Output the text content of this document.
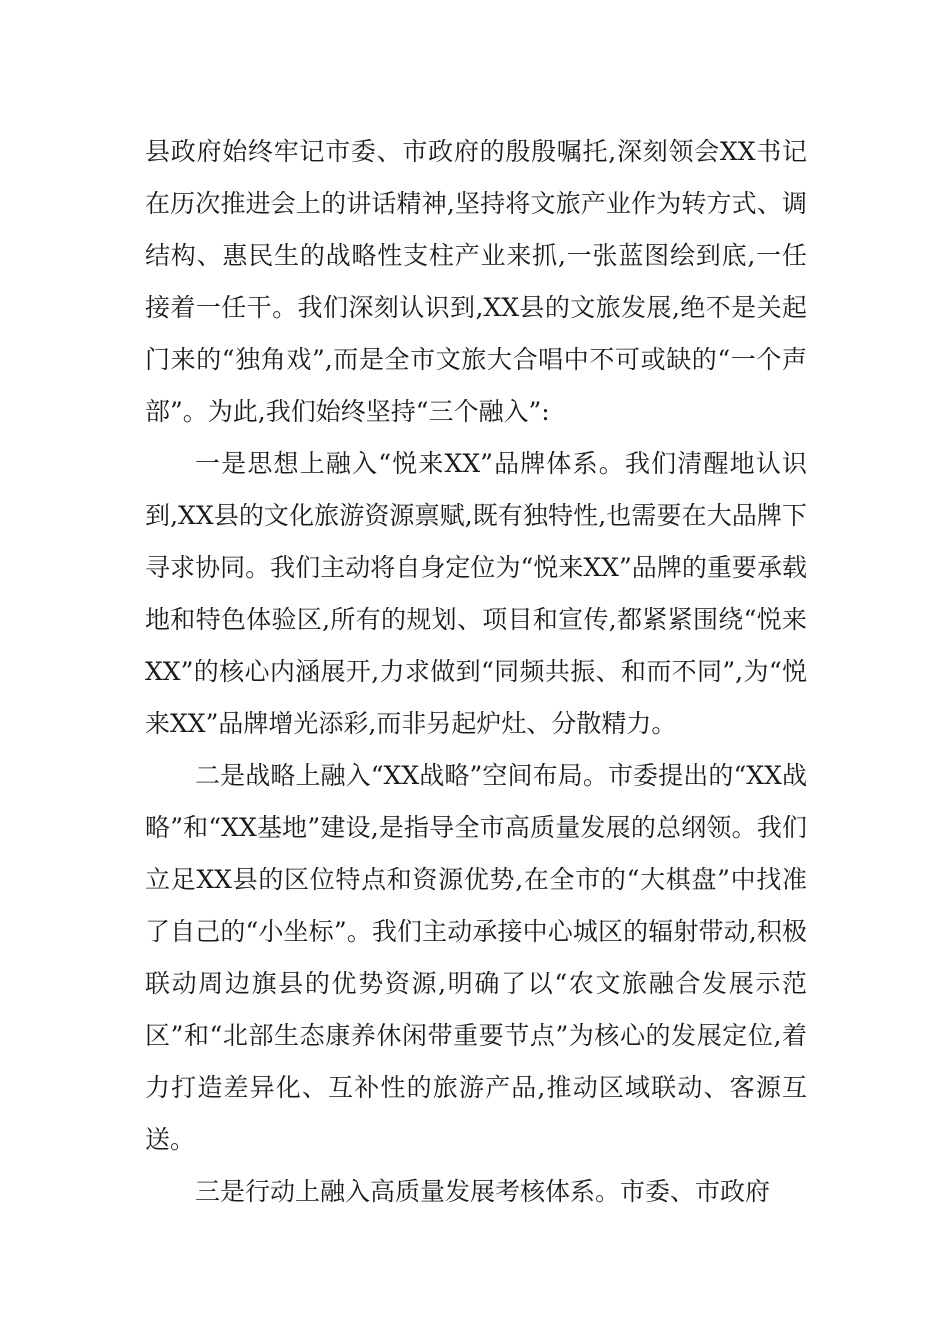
县政府始终牢记市委、市政府的殷殷嘱托,深刻领会XX书记在历次推进会上的讲话精神,坚持将文旅产业作为转方式、调结构、惠民生的战略性支柱产业来抓,一张蓝图绘到底,一任接着一任干。我们深刻认识到,XX县的文旅发展,绝不是关起门来的“独角戏”,而是全市文旅大合唱中不可或缺的“一个声部”。为此,我们始终坚持“三个融入”:

一是思想上融入“悦来XX”品牌体系。我们清醒地认识到,XX县的文化旅游资源禀赋,既有独特性,也需要在大品牌下寻求协同。我们主动将自身定位为“悦来XX”品牌的重要承载地和特色体验区,所有的规划、项目和宣传,都紧紧围绕“悦来XX”的核心内涵展开,力求做到“同频共振、和而不同”,为“悦来XX”品牌增光添彩,而非另起炉灶、分散精力。

二是战略上融入“XX战略”空间布局。市委提出的“XX战略”和“XX基地”建设,是指导全市高质量发展的总纲领。我们立足XX县的区位特点和资源优势,在全市的“大棋盘”中找准了自己的“小坐标”。我们主动承接中心城区的辐射带动,积极联动周边旗县的优势资源,明确了以“农文旅融合发展示范区”和“北部生态康养休闲带重要节点”为核心的发展定位,着力打造差异化、互补性的旅游产品,推动区域联动、客源互送。

三是行动上融入高质量发展考核体系。市委、市政府
